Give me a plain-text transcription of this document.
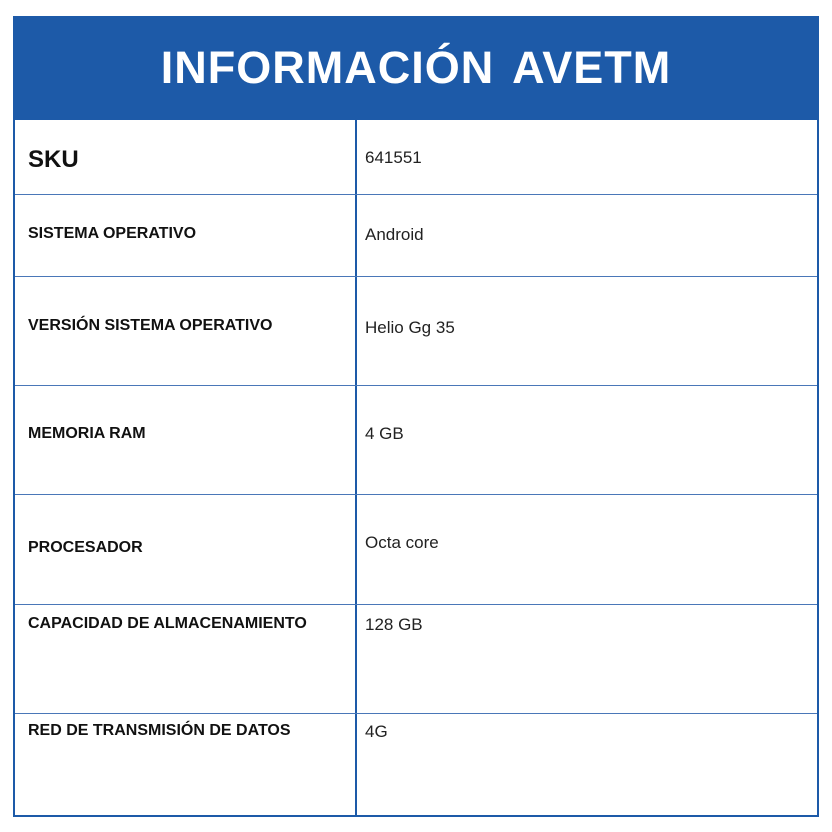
INFORMACIÓN AVETM
SKU	641551
SISTEMA OPERATIVO	Android
VERSIÓN SISTEMA OPERATIVO	Helio Gg 35
MEMORIA RAM	4 GB
PROCESADOR	Octa core
CAPACIDAD DE ALMACENAMIENTO	128 GB
RED DE TRANSMISIÓN DE DATOS	4G
